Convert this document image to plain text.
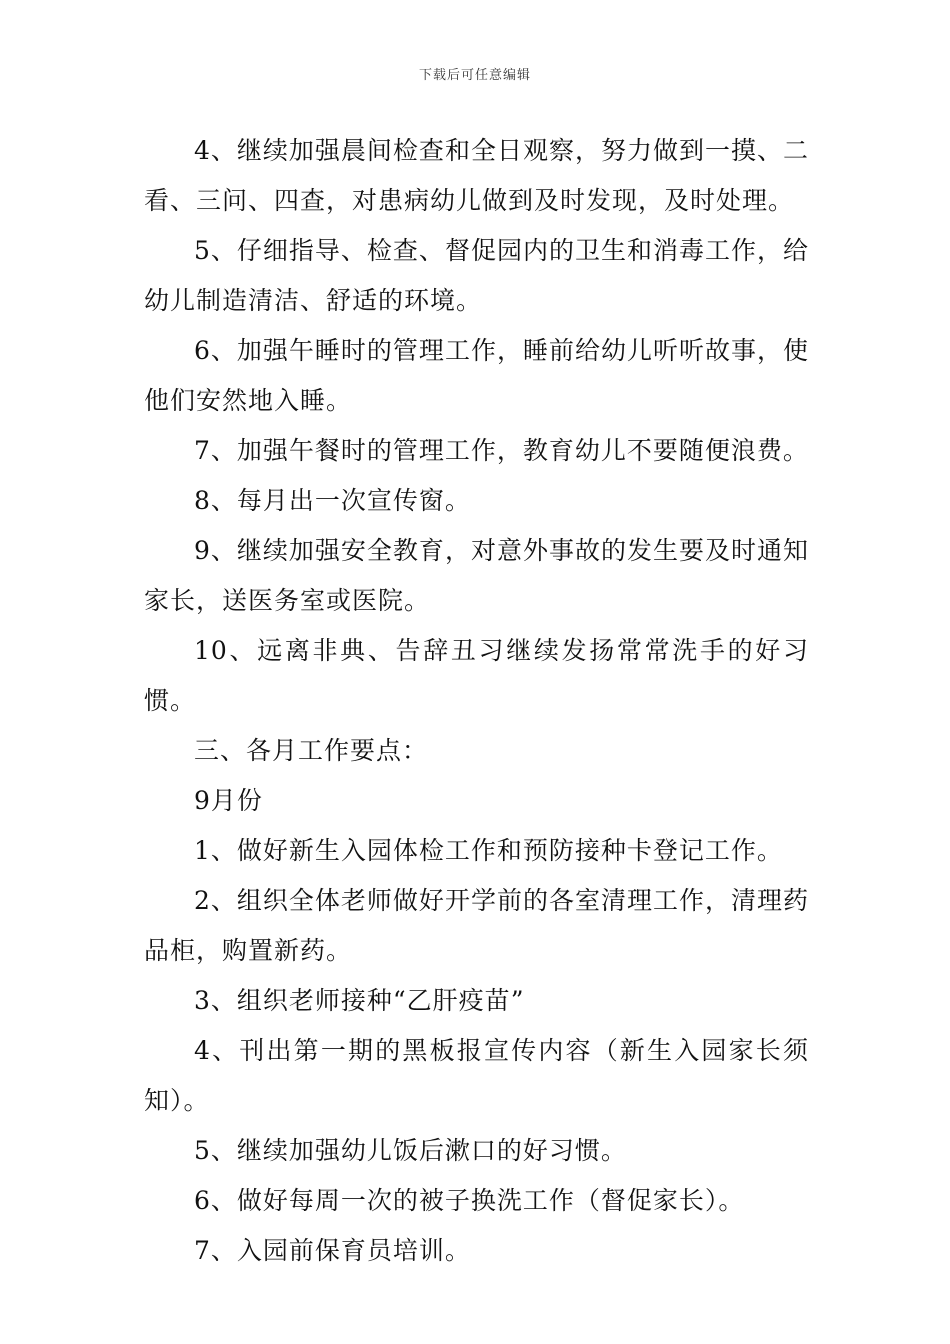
下载后可任意编辑

4、继续加强晨间检查和全日观察，努力做到一摸、二看、三问、四查，对患病幼儿做到及时发现，及时处理。

5、仔细指导、检查、督促园内的卫生和消毒工作，给幼儿制造清洁、舒适的环境。

6、加强午睡时的管理工作，睡前给幼儿听听故事，使他们安然地入睡。

7、加强午餐时的管理工作，教育幼儿不要随便浪费。

8、每月出一次宣传窗。

9、继续加强安全教育，对意外事故的发生要及时通知家长，送医务室或医院。

10、远离非典、告辞丑习继续发扬常常洗手的好习惯。

三、各月工作要点：

9月份

1、做好新生入园体检工作和预防接种卡登记工作。

2、组织全体老师做好开学前的各室清理工作，清理药品柜，购置新药。

3、组织老师接种“乙肝疫苗”

4、刊出第一期的黑板报宣传内容（新生入园家长须知）。

5、继续加强幼儿饭后漱口的好习惯。

6、做好每周一次的被子换洗工作（督促家长）。

7、入园前保育员培训。
